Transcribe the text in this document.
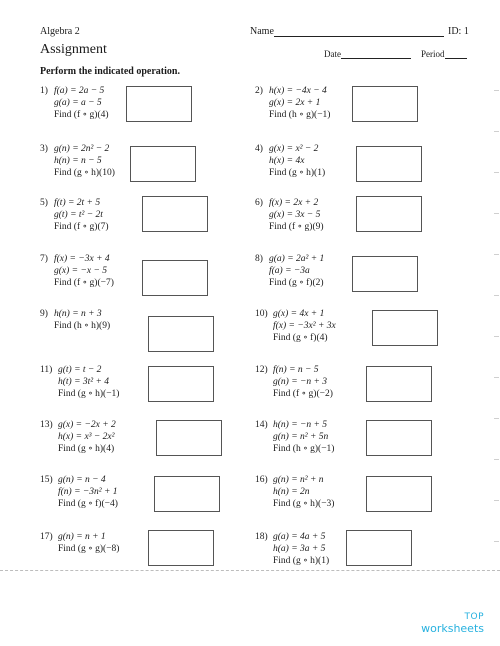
Algebra 2	Name	ID: 1
Assignment	Date	Period
Perform the indicated operation.
1) f(a) = 2a − 5
g(a) = a − 5
Find (f ∘ g)(4)
3) g(n) = 2n² − 2
h(n) = n − 5
Find (g ∘ h)(10)
5) f(t) = 2t + 5
g(t) = t² − 2t
Find (f ∘ g)(7)
7) f(x) = −3x + 4
g(x) = −x − 5
Find (f ∘ g)(−7)
9) h(n) = n + 3
Find (h ∘ h)(9)
11) g(t) = t − 2
h(t) = 3t² + 4
Find (g ∘ h)(−1)
13) g(x) = −2x + 2
h(x) = x³ − 2x²
Find (g ∘ h)(4)
15) g(n) = n − 4
f(n) = −3n² + 1
Find (g ∘ f)(−4)
17) g(n) = n + 1
Find (g ∘ g)(−8)
2) h(x) = −4x − 4
g(x) = 2x + 1
Find (h ∘ g)(−1)
4) g(x) = x² − 2
h(x) = 4x
Find (g ∘ h)(1)
6) f(x) = 2x + 2
g(x) = 3x − 5
Find (f ∘ g)(9)
8) g(a) = 2a² + 1
f(a) = −3a
Find (g ∘ f)(2)
10) g(x) = 4x + 1
f(x) = −3x² + 3x
Find (g ∘ f)(4)
12) f(n) = n − 5
g(n) = −n + 3
Find (f ∘ g)(−2)
14) h(n) = −n + 5
g(n) = n² + 5n
Find (h ∘ g)(−1)
16) g(n) = n² + n
h(n) = 2n
Find (g ∘ h)(−3)
18) g(a) = 4a + 5
h(a) = 3a + 5
Find (g ∘ h)(1)
TOP
worksheets
